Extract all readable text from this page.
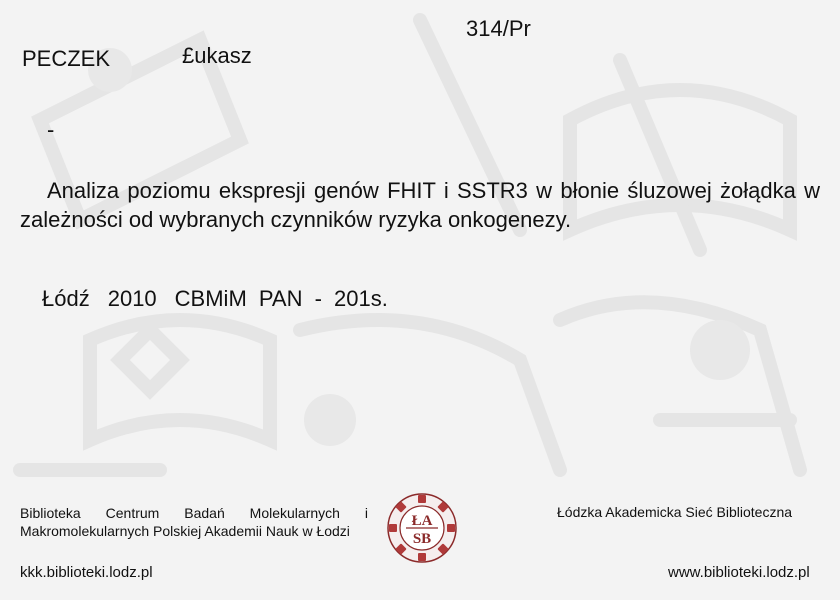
314/Pr
PECZEK	£ukasz
-
Analiza poziomu ekspresji genów FHIT i SSTR3 w błonie śluzowej żołądka w zależności od wybranych czynników ryzyka onkogenezy.
Łódź 2010 CBMiM PAN - 201s.
Biblioteka Centrum Badań Molekularnych i Makromolekularnych Polskiej Akademii Nauk w Łodzi
Łódzka Akademicka Sieć Biblioteczna
kkk.biblioteki.lodz.pl	www.biblioteki.lodz.pl
ŁA
SB
